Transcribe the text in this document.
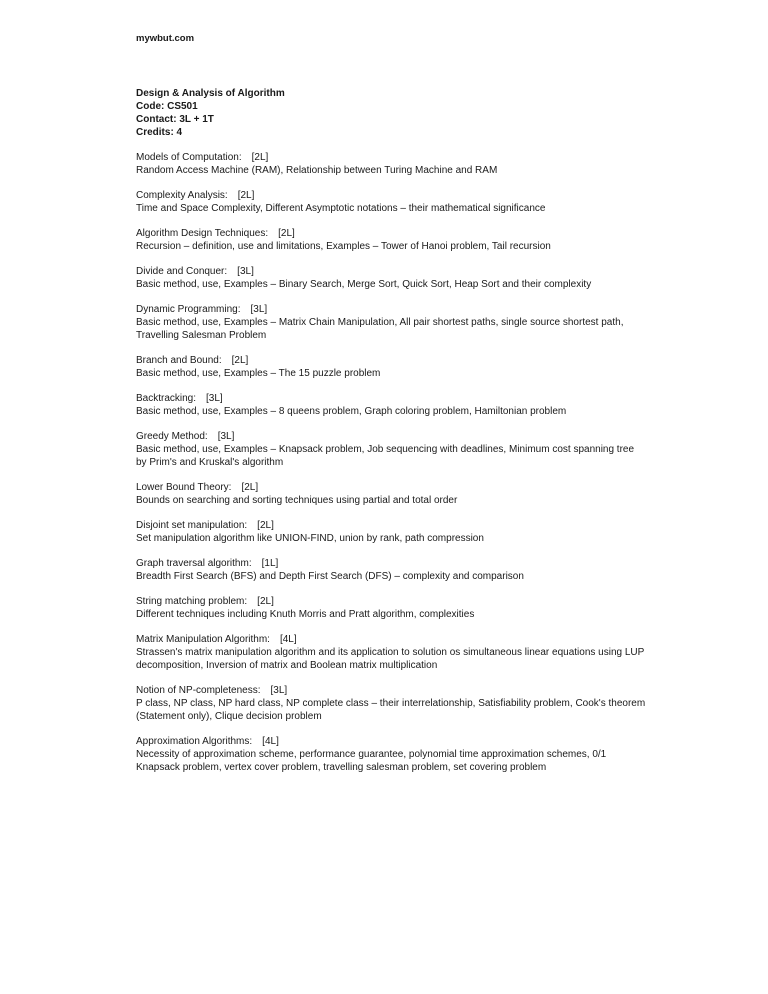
mywbut.com
Design & Analysis of Algorithm
Code: CS501
Contact: 3L + 1T
Credits: 4
Models of Computation: [2L]
Random Access Machine (RAM), Relationship between Turing Machine and RAM
Complexity Analysis: [2L]
Time and Space Complexity, Different Asymptotic notations – their mathematical significance
Algorithm Design Techniques: [2L]
Recursion – definition, use and limitations, Examples – Tower of Hanoi problem, Tail recursion
Divide and Conquer: [3L]
Basic method, use, Examples – Binary Search, Merge Sort, Quick Sort, Heap Sort and their complexity
Dynamic Programming: [3L]
Basic method, use, Examples – Matrix Chain Manipulation, All pair shortest paths, single source shortest path, Travelling Salesman Problem
Branch and Bound: [2L]
Basic method, use, Examples – The 15 puzzle problem
Backtracking: [3L]
Basic method, use, Examples – 8 queens problem, Graph coloring problem, Hamiltonian problem
Greedy Method: [3L]
Basic method, use, Examples – Knapsack problem, Job sequencing with deadlines, Minimum cost spanning tree by Prim's and Kruskal's algorithm
Lower Bound Theory: [2L]
Bounds on searching and sorting techniques using partial and total order
Disjoint set manipulation: [2L]
Set manipulation algorithm like UNION-FIND, union by rank, path compression
Graph traversal algorithm: [1L]
Breadth First Search (BFS) and Depth First Search (DFS) – complexity and comparison
String matching problem: [2L]
Different techniques including Knuth Morris and Pratt algorithm, complexities
Matrix Manipulation Algorithm: [4L]
Strassen's matrix manipulation algorithm and its application to solution os simultaneous linear equations using LUP decomposition, Inversion of matrix and Boolean matrix multiplication
Notion of NP-completeness: [3L]
P class, NP class, NP hard class, NP complete class – their interrelationship, Satisfiability problem, Cook's theorem (Statement only), Clique decision problem
Approximation Algorithms: [4L]
Necessity of approximation scheme, performance guarantee, polynomial time approximation schemes, 0/1 Knapsack problem, vertex cover problem, travelling salesman problem, set covering problem
